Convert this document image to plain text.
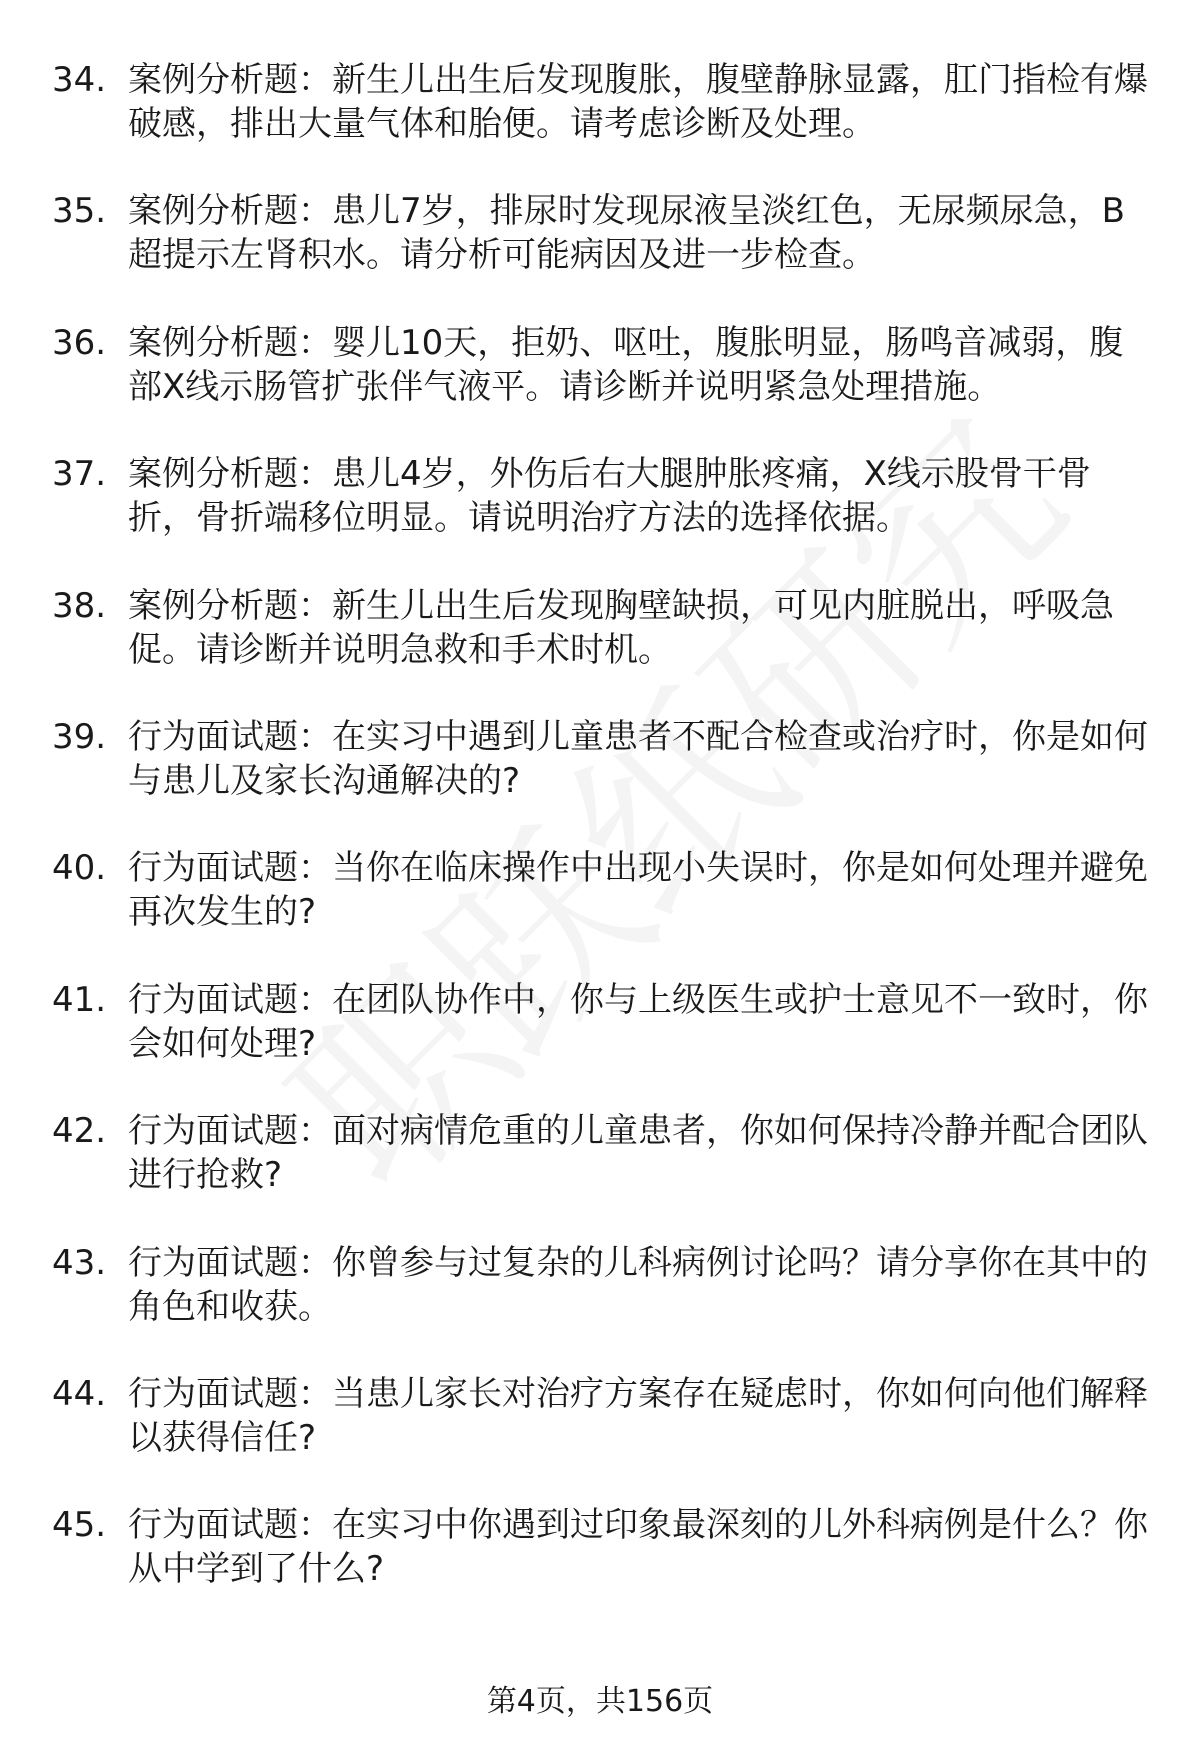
34. 案例分析题：新生儿出生后发现腹胀，腹壁静脉显露，肛门指检有爆破感，排出大量气体和胎便。请考虑诊断及处理。
35. 案例分析题：患儿7岁，排尿时发现尿液呈淡红色，无尿频尿急，B超提示左肾积水。请分析可能病因及进一步检查。
36. 案例分析题：婴儿10天，拒奶、呕吐，腹胀明显，肠鸣音减弱，腹部X线示肠管扩张伴气液平。请诊断并说明紧急处理措施。
37. 案例分析题：患儿4岁，外伤后右大腿肿胀疼痛，X线示股骨干骨折，骨折端移位明显。请说明治疗方法的选择依据。
38. 案例分析题：新生儿出生后发现胸壁缺损，可见内脏脱出，呼吸急促。请诊断并说明急救和手术时机。
39. 行为面试题：在实习中遇到儿童患者不配合检查或治疗时，你是如何与患儿及家长沟通解决的?
40. 行为面试题：当你在临床操作中出现小失误时，你是如何处理并避免再次发生的?
41. 行为面试题：在团队协作中，你与上级医生或护士意见不一致时，你会如何处理?
42. 行为面试题：面对病情危重的儿童患者，你如何保持冷静并配合团队进行抢救?
43. 行为面试题：你曾参与过复杂的儿科病例讨论吗？请分享你在其中的角色和收获。
44. 行为面试题：当患儿家长对治疗方案存在疑虑时，你如何向他们解释以获得信任?
45. 行为面试题：在实习中你遇到过印象最深刻的儿外科病例是什么？你从中学到了什么?
第4页，共156页
